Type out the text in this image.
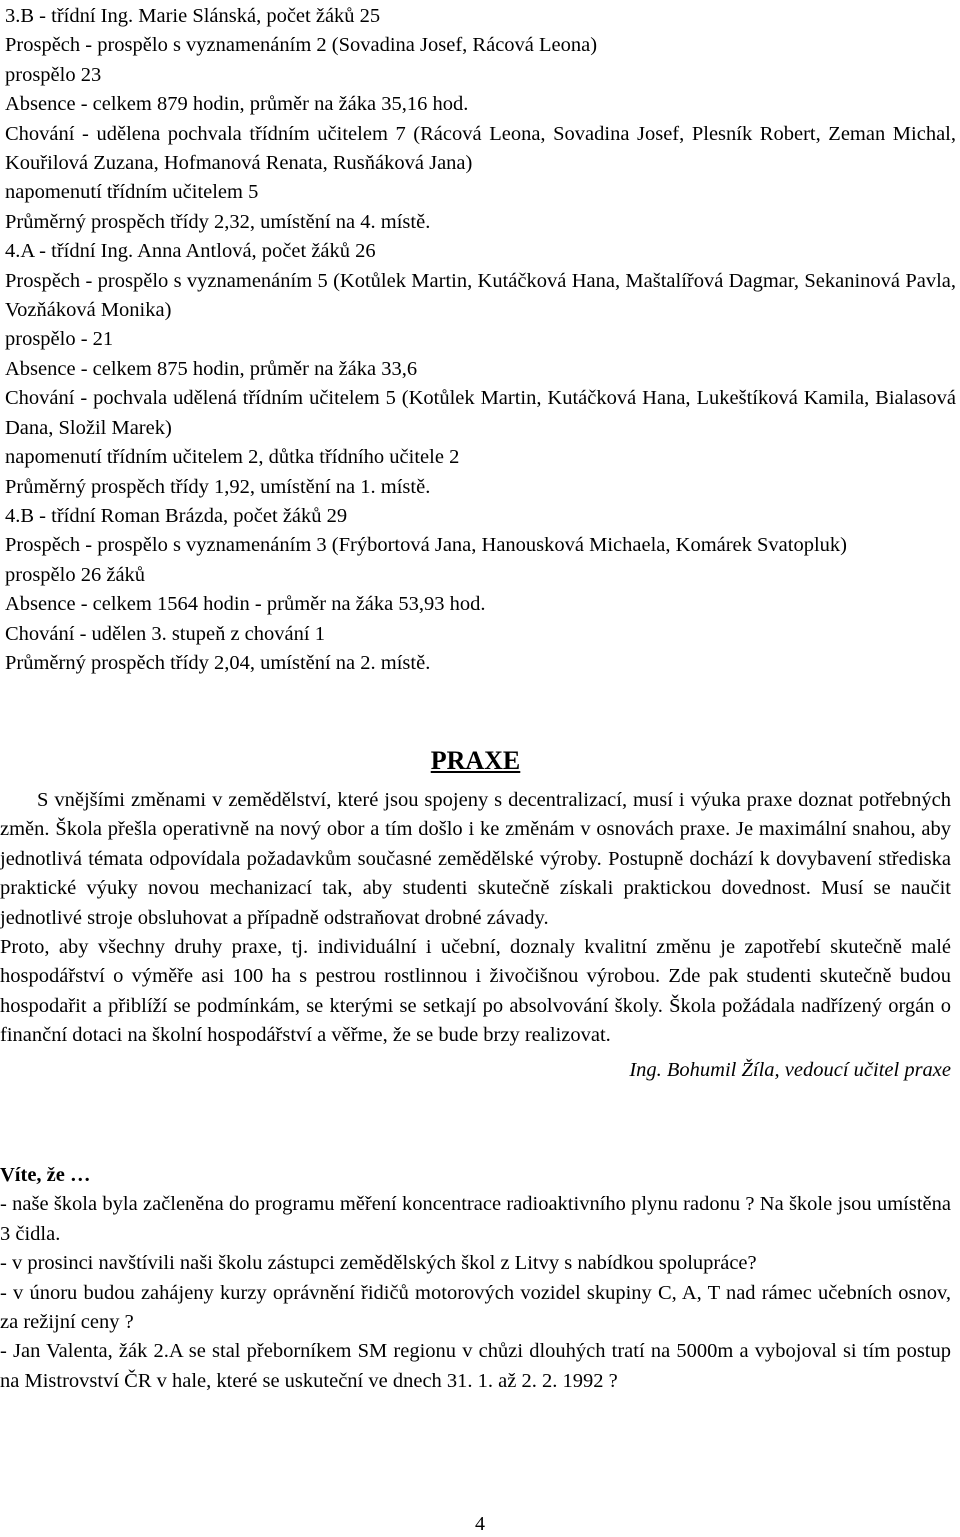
3.B - třídní Ing. Marie Slánská, počet žáků 25

Prospěch - prospělo s vyznamenáním 2 (Sovadina Josef, Rácová Leona)

prospělo 23

Absence - celkem 879 hodin, průměr na žáka 35,16 hod.

Chování - udělena pochvala třídním učitelem 7 (Rácová Leona, Sovadina Josef, Plesník Robert, Zeman Michal, Kouřilová Zuzana, Hofmanová Renata, Rusňáková Jana)

napomenutí třídním učitelem 5

Průměrný prospěch třídy 2,32, umístění na 4. místě.

4.A - třídní Ing. Anna Antlová, počet žáků 26

Prospěch - prospělo s vyznamenáním 5 (Kotůlek Martin, Kutáčková Hana, Maštalířová Dagmar, Sekaninová Pavla, Vozňáková Monika)

prospělo - 21

Absence - celkem 875 hodin, průměr na žáka 33,6

Chování - pochvala udělená třídním učitelem 5 (Kotůlek Martin, Kutáčková Hana, Lukeštíková Kamila, Bialasová Dana, Složil Marek)

napomenutí třídním učitelem 2, důtka třídního učitele 2

Průměrný prospěch třídy 1,92, umístění na 1. místě.

4.B - třídní Roman Brázda, počet žáků 29

Prospěch - prospělo s vyznamenáním 3 (Frýbortová Jana, Hanousková Michaela, Komárek Svatopluk)

prospělo 26 žáků

Absence - celkem 1564 hodin - průměr na žáka 53,93 hod.

Chování - udělen 3. stupeň z chování 1

Průměrný prospěch třídy 2,04, umístění na 2. místě.

PRAXE

S vnějšími změnami v zemědělství, které jsou spojeny s decentralizací, musí i výuka praxe doznat potřebných změn. Škola přešla operativně na nový obor a tím došlo i ke změnám v osnovách praxe. Je maximální snahou, aby jednotlivá témata odpovídala požadavkům současné zemědělské výroby. Postupně dochází k dovybavení střediska praktické výuky novou mechanizací tak, aby studenti skutečně získali praktickou dovednost. Musí se naučit jednotlivé stroje obsluhovat a případně odstraňovat drobné závady.

Proto, aby všechny druhy praxe, tj. individuální i učební, doznaly kvalitní změnu je zapotřebí skutečně malé hospodářství o výměře asi 100 ha s pestrou rostlinnou i živočišnou výrobou. Zde pak studenti skutečně budou hospodařit a přiblíží se podmínkám, se kterými se setkají po absolvování školy. Škola požádala nadřízený orgán o finanční dotaci na školní hospodářství a věřme, že se bude brzy realizovat.

Ing. Bohumil Žíla, vedoucí učitel praxe

Víte, že …

- naše škola byla začleněna do programu měření koncentrace radioaktivního plynu radonu ? Na škole jsou umístěna 3 čidla.

- v prosinci navštívili naši školu zástupci zemědělských škol z Litvy s nabídkou spolupráce?

- v únoru budou zahájeny kurzy oprávnění řidičů motorových vozidel skupiny C, A, T nad rámec učebních osnov, za režijní ceny ?

- Jan Valenta, žák 2.A se stal přeborníkem SM regionu v chůzi dlouhých tratí na 5000m a vybojoval si tím postup na Mistrovství ČR v hale, které se uskuteční ve dnech 31. 1. až 2. 2. 1992 ?

4
